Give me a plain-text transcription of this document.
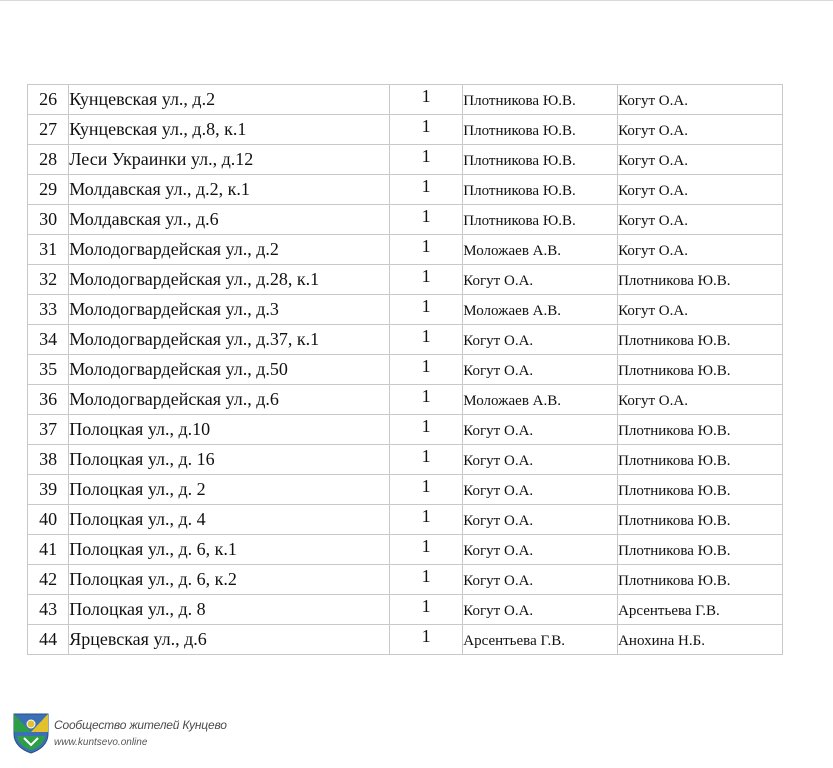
26	Кунцевская ул., д.2	1	Плотникова Ю.В.	Когут О.А.
27	Кунцевская ул., д.8, к.1	1	Плотникова Ю.В.	Когут О.А.
28	Леси Украинки ул., д.12	1	Плотникова Ю.В.	Когут О.А.
29	Молдавская ул., д.2, к.1	1	Плотникова Ю.В.	Когут О.А.
30	Молдавская ул., д.6	1	Плотникова Ю.В.	Когут О.А.
31	Молодогвардейская ул., д.2	1	Моложаев А.В.	Когут О.А.
32	Молодогвардейская ул., д.28, к.1	1	Когут О.А.	Плотникова Ю.В.
33	Молодогвардейская ул., д.3	1	Моложаев А.В.	Когут О.А.
34	Молодогвардейская ул., д.37, к.1	1	Когут О.А.	Плотникова Ю.В.
35	Молодогвардейская ул., д.50	1	Когут О.А.	Плотникова Ю.В.
36	Молодогвардейская ул., д.6	1	Моложаев А.В.	Когут О.А.
37	Полоцкая ул., д.10	1	Когут О.А.	Плотникова Ю.В.
38	Полоцкая ул., д. 16	1	Когут О.А.	Плотникова Ю.В.
39	Полоцкая ул., д. 2	1	Когут О.А.	Плотникова Ю.В.
40	Полоцкая ул., д. 4	1	Когут О.А.	Плотникова Ю.В.
41	Полоцкая ул., д. 6, к.1	1	Когут О.А.	Плотникова Ю.В.
42	Полоцкая ул., д. 6, к.2	1	Когут О.А.	Плотникова Ю.В.
43	Полоцкая ул., д. 8	1	Когут О.А.	Арсентьева Г.В.
44	Ярцевская ул., д.6	1	Арсентьева Г.В.	Анохина Н.Б.
Сообщество жителей Кунцево
www.kuntsevo.online
